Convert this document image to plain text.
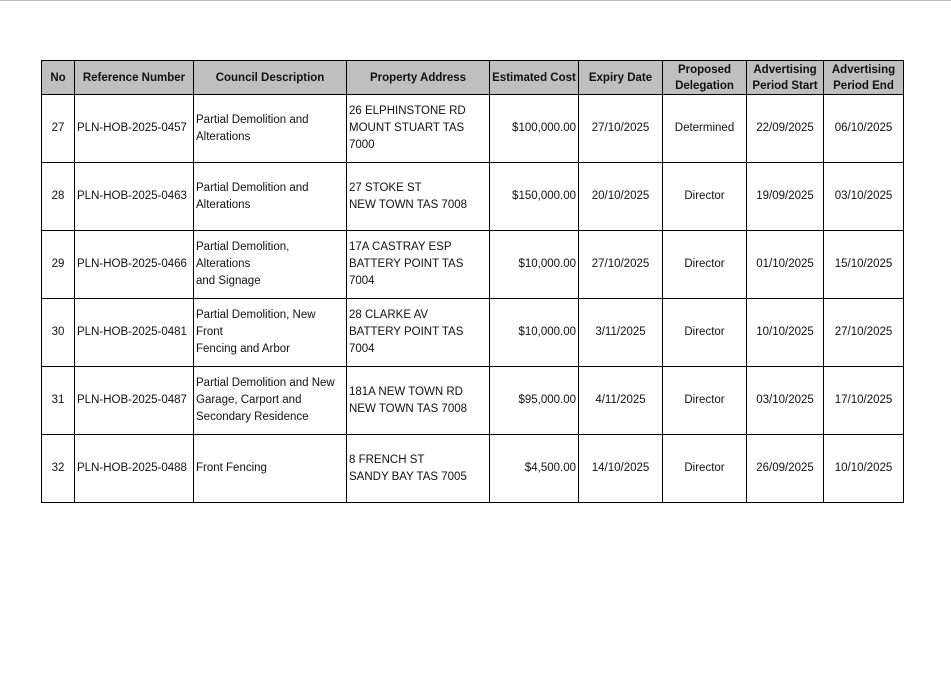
No	Reference Number	Council Description	Property Address	Estimated Cost	Expiry Date	Proposed
Delegation	Advertising
Period Start	Advertising
Period End

27	PLN-HOB-2025-0457	Partial Demolition and
Alterations	26 ELPHINSTONE RD
MOUNT STUART TAS 7000	$100,000.00	27/10/2025	Determined	22/09/2025	06/10/2025
28	PLN-HOB-2025-0463	Partial Demolition and
Alterations	27 STOKE ST
NEW TOWN TAS 7008	$150,000.00	20/10/2025	Director	19/09/2025	03/10/2025
29	PLN-HOB-2025-0466	Partial Demolition, Alterations
and Signage	17A CASTRAY ESP
BATTERY POINT TAS 7004	$10,000.00	27/10/2025	Director	01/10/2025	15/10/2025
30	PLN-HOB-2025-0481	Partial Demolition, New Front
Fencing and Arbor	28 CLARKE AV
BATTERY POINT TAS 7004	$10,000.00	3/11/2025	Director	10/10/2025	27/10/2025
31	PLN-HOB-2025-0487	Partial Demolition and New
Garage, Carport and
Secondary Residence	181A NEW TOWN RD
NEW TOWN TAS 7008	$95,000.00	4/11/2025	Director	03/10/2025	17/10/2025
32	PLN-HOB-2025-0488	Front Fencing	8 FRENCH ST
SANDY BAY TAS 7005	$4,500.00	14/10/2025	Director	26/09/2025	10/10/2025
